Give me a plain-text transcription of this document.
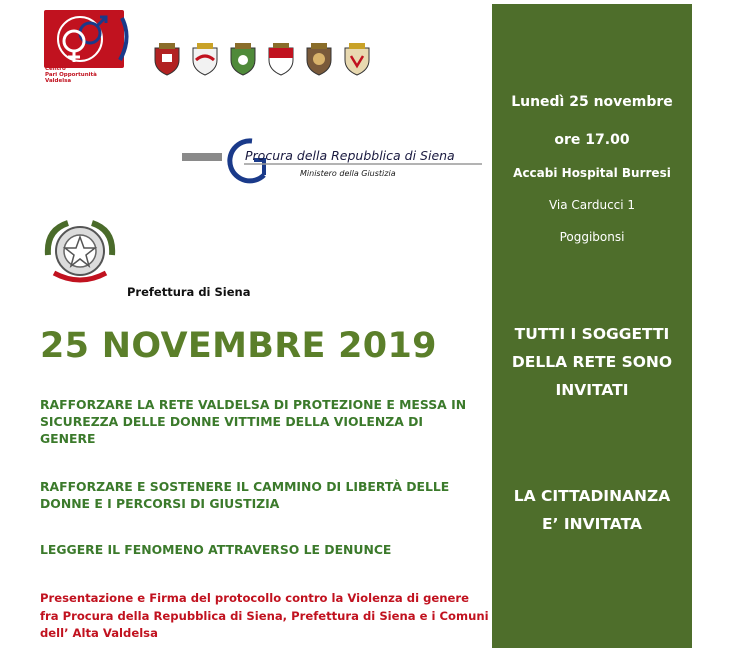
Centro
Pari Opportunità
Valdelsa
Procura della Repubblica di Siena
Ministero della Giustizia
Prefettura di Siena
25 NOVEMBRE 2019
RAFFORZARE LA RETE VALDELSA DI PROTEZIONE E MESSA IN SICUREZZA DELLE DONNE VITTIME DELLA VIOLENZA DI GENERE
RAFFORZARE E SOSTENERE IL CAMMINO DI LIBERTÀ DELLE DONNE E I PERCORSI DI GIUSTIZIA
LEGGERE IL FENOMENO ATTRAVERSO LE DENUNCE
Presentazione e Firma del protocollo contro la Violenza di genere fra Procura della Repubblica di Siena, Prefettura di Siena e i Comuni dell’ Alta Valdelsa
Lunedì 25 novembre
ore 17.00
Accabi Hospital Burresi
Via Carducci 1
Poggibonsi
TUTTI I SOGGETTI DELLA RETE SONO INVITATI
LA CITTADINANZA E’ INVITATA
